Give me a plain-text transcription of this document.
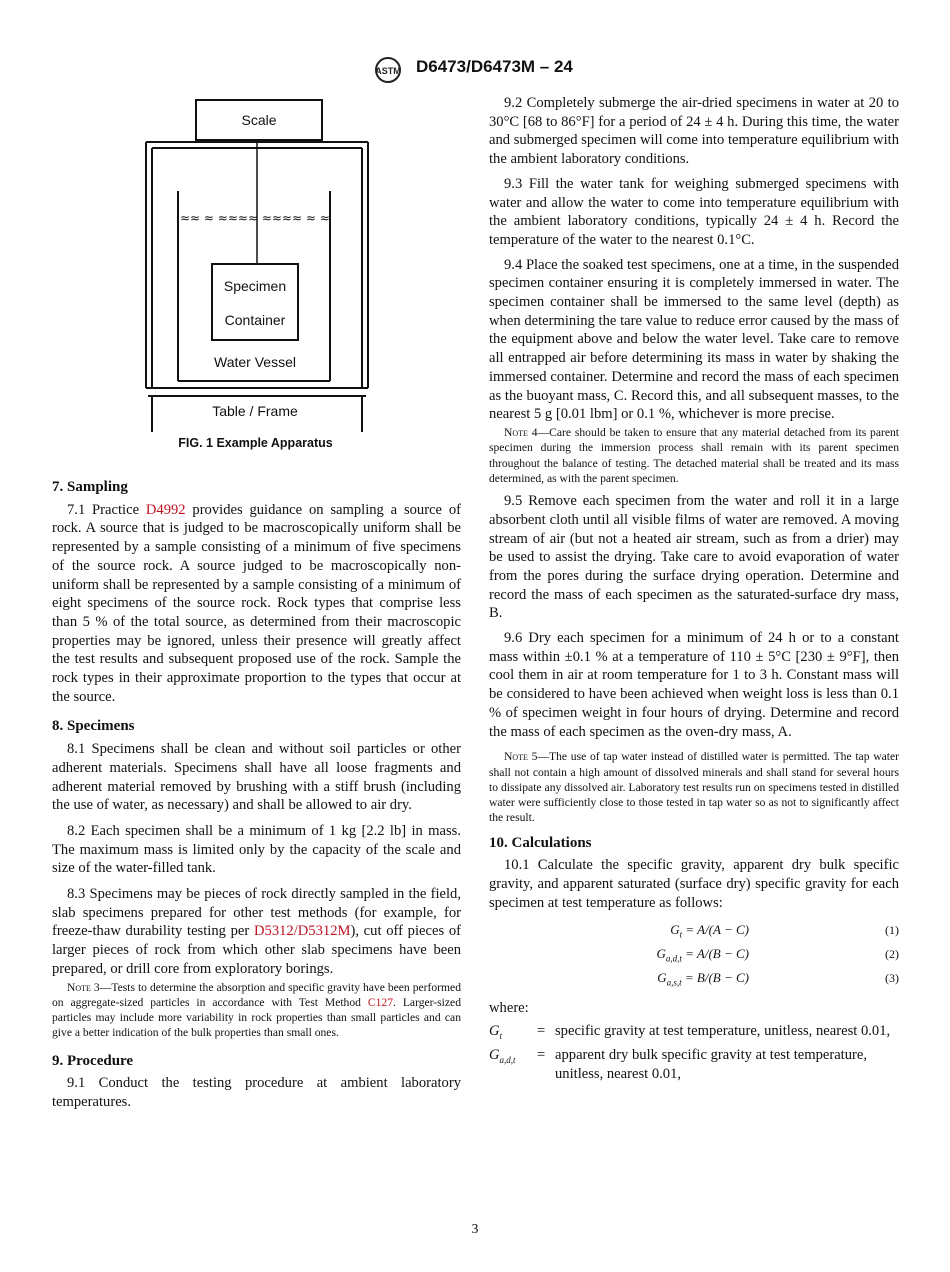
ASTM D6473/D6473M – 24
≈≈ ≈ ≈≈≈≈ ≈≈≈≈ ≈ ≈
Scale
Specimen
Container
Water Vessel
Table / Frame
FIG. 1 Example Apparatus

7. Sampling

7.1 Practice D4992 provides guidance on sampling a source of rock. A source that is judged to be macroscopically uniform shall be represented by a sample consisting of a minimum of five specimens of the source rock. A source judged to be macroscopically non-uniform shall be represented by a sample consisting of a minimum of eight specimens of the source rock. Rock types that comprise less than 5 % of the total source, as determined from their macroscopic properties may be ignored, unless their presence will greatly affect the test results and subsequent proposed use of the rock. Sample the rock types in their approximate proportion to the types that occur at the source.

8. Specimens

8.1 Specimens shall be clean and without soil particles or other adherent materials. Specimens shall have all loose fragments and adherent material removed by brushing with a stiff brush (including the use of water, as necessary) and shall be allowed to air dry.

8.2 Each specimen shall be a minimum of 1 kg [2.2 lb] in mass. The maximum mass is limited only by the capacity of the scale and size of the water-filled tank.

8.3 Specimens may be pieces of rock directly sampled in the field, slab specimens prepared for other test methods (for example, for freeze-thaw durability testing per D5312/D5312M), cut off pieces of larger pieces of rock from which other slab specimens have been prepared, or drill core from exploratory borings.

Note 3—Tests to determine the absorption and specific gravity have been performed on aggregate-sized particles in accordance with Test Method C127. Larger-sized particles may include more variability in rock properties than small particles and can give a better indication of the bulk properties than small ones.

9. Procedure

9.1 Conduct the testing procedure at ambient laboratory temperatures.

9.2 Completely submerge the air-dried specimens in water at 20 to 30°C [68 to 86°F] for a period of 24 ± 4 h. During this time, the water and submerged specimen will come into temperature equilibrium with the ambient laboratory conditions.

9.3 Fill the water tank for weighing submerged specimens with water and allow the water to come into temperature equilibrium with the ambient laboratory conditions, typically 24 ± 4 h. Record the temperature of the water to the nearest 0.1°C.

9.4 Place the soaked test specimens, one at a time, in the suspended specimen container ensuring it is completely immersed in water. The specimen container shall be immersed to the same level (depth) as when determining the tare value to reduce error caused by the mass of the equipment above and below the water level. Take care to remove all entrapped air before determining its mass in water by shaking the immersed container. Determine and record the mass of each specimen as the buoyant mass, C. Record this, and all subsequent masses, to the nearest 5 g [0.01 lbm] or 0.1 %, whichever is more precise.

Note 4—Care should be taken to ensure that any material detached from its parent specimen during the immersion process shall remain with its parent specimen throughout the balance of testing. The detached material shall be treated and its mass determined, as with the parent specimen.

9.5 Remove each specimen from the water and roll it in a large absorbent cloth until all visible films of water are removed. A moving stream of air (but not a heated air stream, such as from a drier) may be used to assist the drying. Take care to avoid evaporation of water from the pores during the surface drying operation. Determine and record the mass of each specimen as the saturated-surface dry mass, B.

9.6 Dry each specimen for a minimum of 24 h or to a constant mass within ±0.1 % at a temperature of 110 ± 5°C [230 ± 9°F], then cool them in air at room temperature for 1 to 3 h. Constant mass will be considered to have been achieved when weight loss is less than 0.1 % of specimen weight in four hours of drying. Determine and record the mass of each specimen as the oven-dry mass, A.

Note 5—The use of tap water instead of distilled water is permitted. The tap water shall not contain a high amount of dissolved minerals and shall stand for several hours to dissipate any dissolved air. Laboratory test results run on specimens tested in distilled water were sufficiently close to those tested in tap water so as not to significantly affect the result.

10. Calculations

10.1 Calculate the specific gravity, apparent dry bulk specific gravity, and apparent saturated (surface dry) specific gravity for each specimen at test temperature as follows:

$G_t = A/(A - C)$	(1)
$G_{a,d,t} = A/(B - C)$	(2)
$G_{a,s,t} = B/(B - C)$	(3)

where:

$G_t$	= specific gravity at test temperature, unitless, nearest 0.01,
$G_{a,d,t}$	= apparent dry bulk specific gravity at test temperature, unitless, nearest 0.01,
3
